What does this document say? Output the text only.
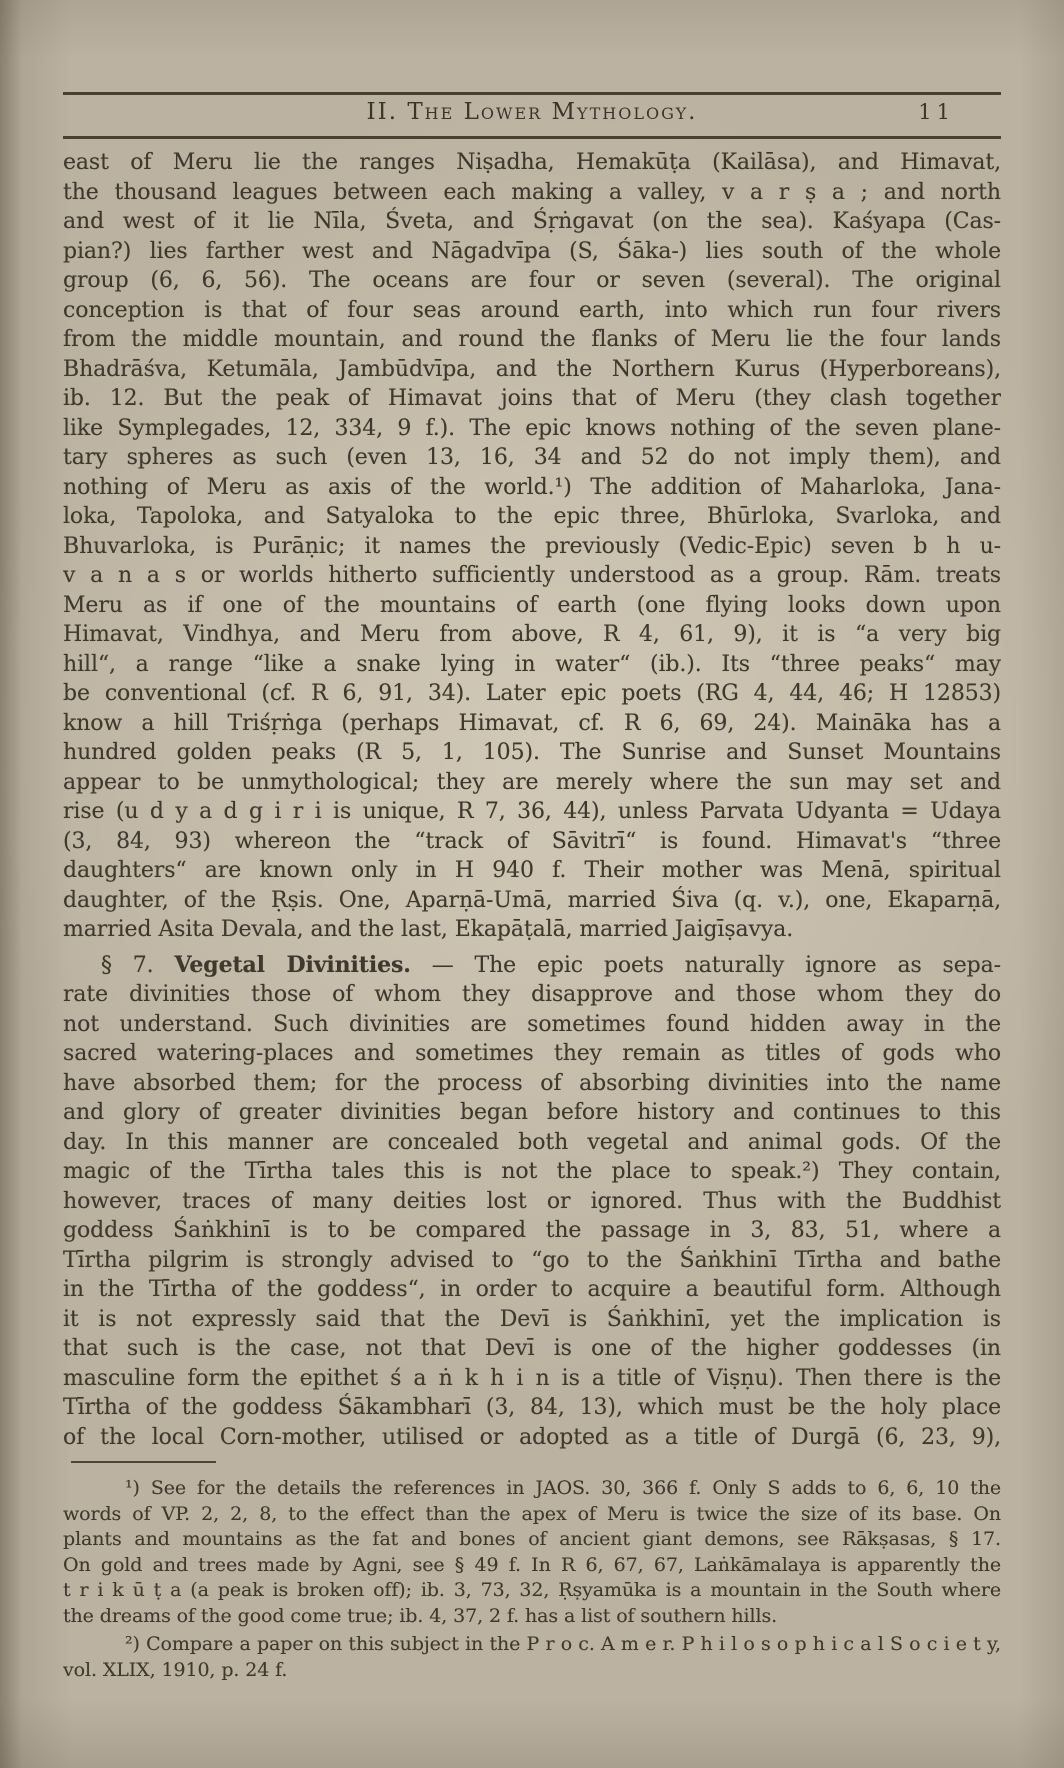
II. The Lower Mythology.	11
east of Meru lie the ranges Niṣadha, Hemakūṭa (Kailāsa), and Himavat,
the thousand leagues between each making a valley, v a r ṣ a ; and north
and west of it lie Nīla, Śveta, and Śṛṅgavat (on the sea). Kaśyapa (Cas-
pian?) lies farther west and Nāgadvīpa (S, Śāka-) lies south of the whole
group (6, 6, 56). The oceans are four or seven (several). The original
conception is that of four seas around earth, into which run four rivers
from the middle mountain, and round the flanks of Meru lie the four lands
Bhadrāśva, Ketumāla, Jambūdvīpa, and the Northern Kurus (Hyperboreans),
ib. 12. But the peak of Himavat joins that of Meru (they clash together
like Symplegades, 12, 334, 9 f.). The epic knows nothing of the seven plane-
tary spheres as such (even 13, 16, 34 and 52 do not imply them), and
nothing of Meru as axis of the world.¹) The addition of Maharloka, Jana-
loka, Tapoloka, and Satyaloka to the epic three, Bhūrloka, Svarloka, and
Bhuvarloka, is Purāṇic; it names the previously (Vedic-Epic) seven b h u-
v a n a s or worlds hitherto sufficiently understood as a group. Rām. treats
Meru as if one of the mountains of earth (one flying looks down upon
Himavat, Vindhya, and Meru from above, R 4, 61, 9), it is “a very big
hill“, a range “like a snake lying in water“ (ib.). Its “three peaks“ may
be conventional (cf. R 6, 91, 34). Later epic poets (RG 4, 44, 46; H 12853)
know a hill Triśṛṅga (perhaps Himavat, cf. R 6, 69, 24). Maināka has a
hundred golden peaks (R 5, 1, 105). The Sunrise and Sunset Mountains
appear to be unmythological; they are merely where the sun may set and
rise (u d y a d g i r i is unique, R 7, 36, 44), unless Parvata Udyanta = Udaya
(3, 84, 93) whereon the “track of Sāvitrī“ is found. Himavat's “three
daughters“ are known only in H 940 f. Their mother was Menā, spiritual
daughter, of the Ṛṣis. One, Aparṇā-Umā, married Śiva (q. v.), one, Ekaparṇā,
married Asita Devala, and the last, Ekapāṭalā, married Jaigīṣavya.
§ 7. Vegetal Divinities. — The epic poets naturally ignore as sepa-
rate divinities those of whom they disapprove and those whom they do
not understand. Such divinities are sometimes found hidden away in the
sacred watering-places and sometimes they remain as titles of gods who
have absorbed them; for the process of absorbing divinities into the name
and glory of greater divinities began before history and continues to this
day. In this manner are concealed both vegetal and animal gods. Of the
magic of the Tīrtha tales this is not the place to speak.²) They contain,
however, traces of many deities lost or ignored. Thus with the Buddhist
goddess Śaṅkhinī is to be compared the passage in 3, 83, 51, where a
Tīrtha pilgrim is strongly advised to “go to the Śaṅkhinī Tīrtha and bathe
in the Tīrtha of the goddess“, in order to acquire a beautiful form. Although
it is not expressly said that the Devī is Śaṅkhinī, yet the implication is
that such is the case, not that Devī is one of the higher goddesses (in
masculine form the epithet ś a ṅ k h i n is a title of Viṣṇu). Then there is the
Tīrtha of the goddess Śākambharī (3, 84, 13), which must be the holy place
of the local Corn-mother, utilised or adopted as a title of Durgā (6, 23, 9),
¹) See for the details the references in JAOS. 30, 366 f. Only S adds to 6, 6, 10 the
words of VP. 2, 2, 8, to the effect than the apex of Meru is twice the size of its base. On
plants and mountains as the fat and bones of ancient giant demons, see Rākṣasas, § 17.
On gold and trees made by Agni, see § 49 f. In R 6, 67, 67, Laṅkāmalaya is apparently the
t r i k ū ṭ a (a peak is broken off); ib. 3, 73, 32, Ṛṣyamūka is a mountain in the South where
the dreams of the good come true; ib. 4, 37, 2 f. has a list of southern hills.
²) Compare a paper on this subject in the P r o c. A m e r. P h i l o s o p h i c a l S o c i e t y,
vol. XLIX, 1910, p. 24 f.
